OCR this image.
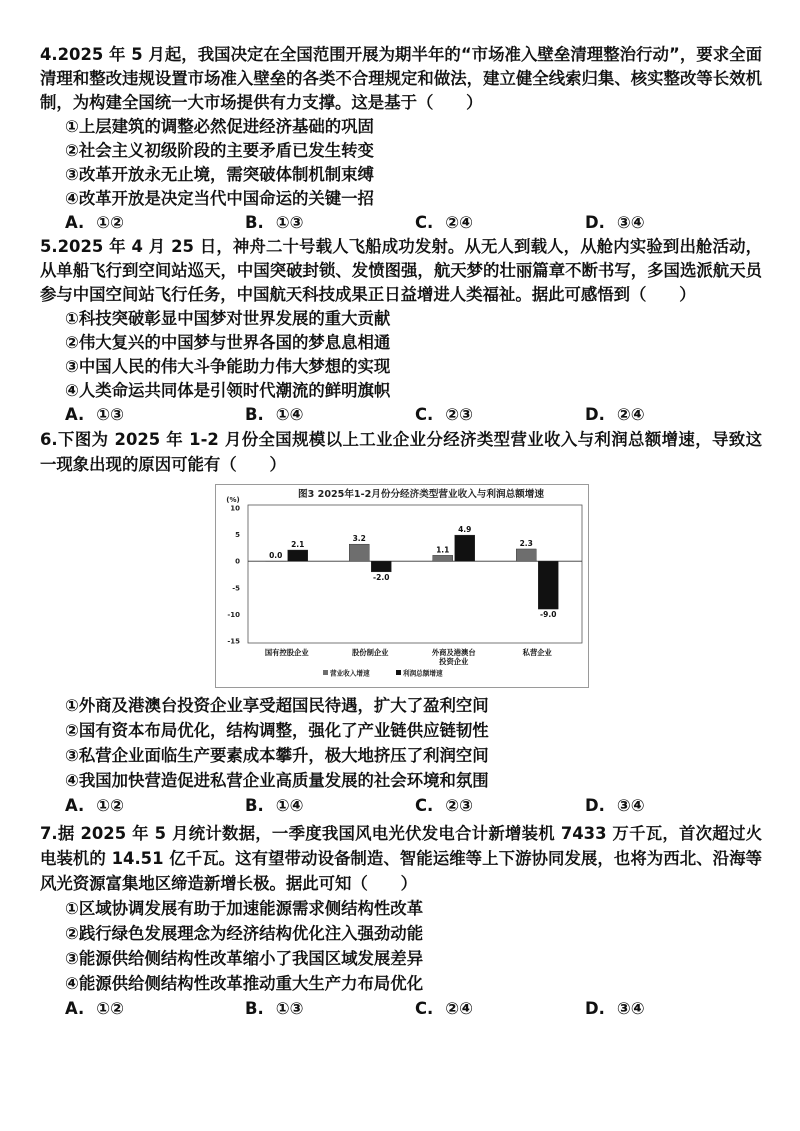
4.2025 年 5 月起，我国决定在全国范围开展为期半年的“市场准入壁垒清理整治行动”，要求全面清理和整改违规设置市场准入壁垒的各类不合理规定和做法，建立健全线索归集、核实整改等长效机制，为构建全国统一大市场提供有力支撑。这是基于（　　）
①上层建筑的调整必然促进经济基础的巩固
②社会主义初级阶段的主要矛盾已发生转变
③改革开放永无止境，需突破体制机制束缚
④改革开放是决定当代中国命运的关键一招
A. ①②	B. ①③	C. ②④	D. ③④
5.2025 年 4 月 25 日，神舟二十号载人飞船成功发射。从无人到载人，从舱内实验到出舱活动，从单船飞行到空间站巡天，中国突破封锁、发愤图强，航天梦的壮丽篇章不断书写，多国选派航天员参与中国空间站飞行任务，中国航天科技成果正日益增进人类福祉。据此可感悟到（　　）
①科技突破彰显中国梦对世界发展的重大贡献
②伟大复兴的中国梦与世界各国的梦息息相通
③中国人民的伟大斗争能助力伟大梦想的实现
④人类命运共同体是引领时代潮流的鲜明旗帜
A. ①③	B. ①④	C. ②③	D. ②④
6.下图为 2025 年 1-2 月份全国规模以上工业企业分经济类型营业收入与利润总额增速，导致这一现象出现的原因可能有（　　）
图3 2025年1-2月份分经济类型营业收入与利润总额增速
(%)
10
5
0
-5
-10
-15
0.0
2.1
国有控股企业
3.2
-2.0
股份制企业
1.1
4.9
外商及港澳台投资企业
2.3
-9.0
私营企业
营业收入增速	利润总额增速
①外商及港澳台投资企业享受超国民待遇，扩大了盈利空间
②国有资本布局优化，结构调整，强化了产业链供应链韧性
③私营企业面临生产要素成本攀升，极大地挤压了利润空间
④我国加快营造促进私营企业高质量发展的社会环境和氛围
A. ①②	B. ①④	C. ②③	D. ③④
7.据 2025 年 5 月统计数据，一季度我国风电光伏发电合计新增装机 7433 万千瓦，首次超过火电装机的 14.51 亿千瓦。这有望带动设备制造、智能运维等上下游协同发展，也将为西北、沿海等风光资源富集地区缔造新增长极。据此可知（　　）
①区域协调发展有助于加速能源需求侧结构性改革
②践行绿色发展理念为经济结构优化注入强劲动能
③能源供给侧结构性改革缩小了我国区域发展差异
④能源供给侧结构性改革推动重大生产力布局优化
A. ①②	B. ①③	C. ②④	D. ③④
